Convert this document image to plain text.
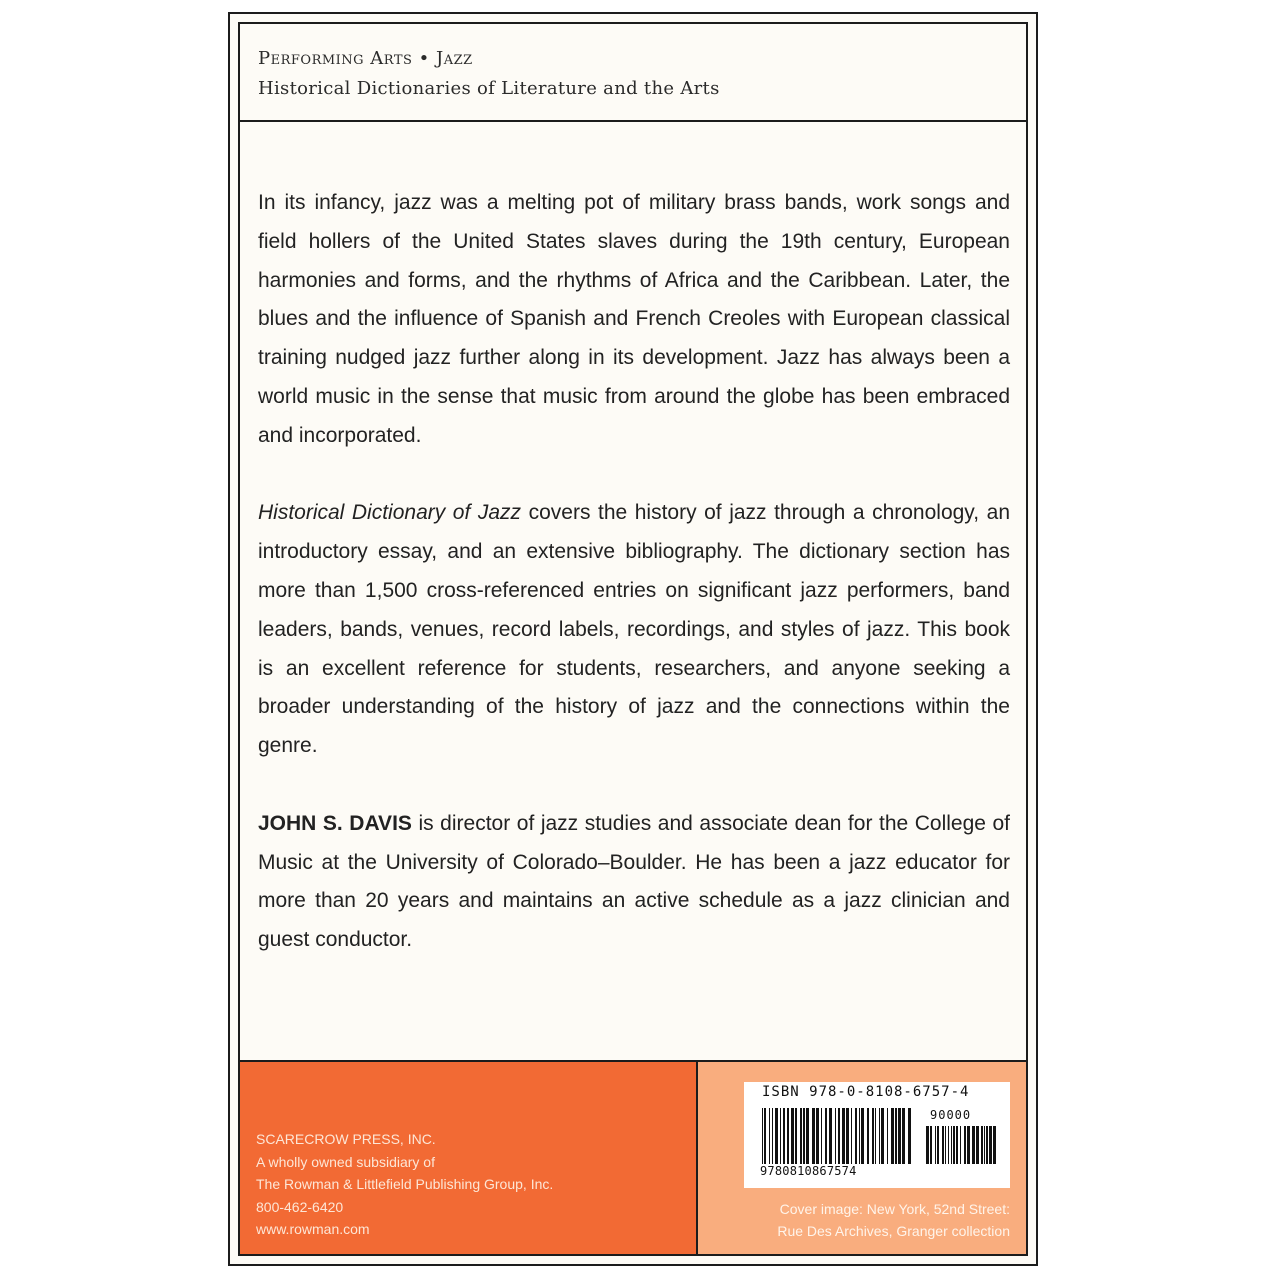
Performing Arts • Jazz

Historical Dictionaries of Literature and the Arts

In its infancy, jazz was a melting pot of military brass bands, work songs and field hollers of the United States slaves during the 19th century, European harmonies and forms, and the rhythms of Africa and the Caribbean. Later, the blues and the influence of Spanish and French Creoles with European classical training nudged jazz further along in its development. Jazz has always been a world music in the sense that music from around the globe has been embraced and incorporated.

Historical Dictionary of Jazz covers the history of jazz through a chronology, an introductory essay, and an extensive bibliography. The dictionary section has more than 1,500 cross-referenced entries on significant jazz performers, band leaders, bands, venues, record labels, recordings, and styles of jazz. This book is an excellent reference for students, researchers, and anyone seeking a broader understanding of the history of jazz and the connections within the genre.

JOHN S. DAVIS is director of jazz studies and associate dean for the College of Music at the University of Colorado–Boulder. He has been a jazz educator for more than 20 years and maintains an active schedule as a jazz clinician and guest conductor.

SCARECROW PRESS, INC.
A wholly owned subsidiary of
The Rowman & Littlefield Publishing Group, Inc.
800-462-6420
www.rowman.com
ISBN 978-0-8108-6757-4
90000
9780810867574
Cover image: New York, 52nd Street:
Rue Des Archives, Granger collection
